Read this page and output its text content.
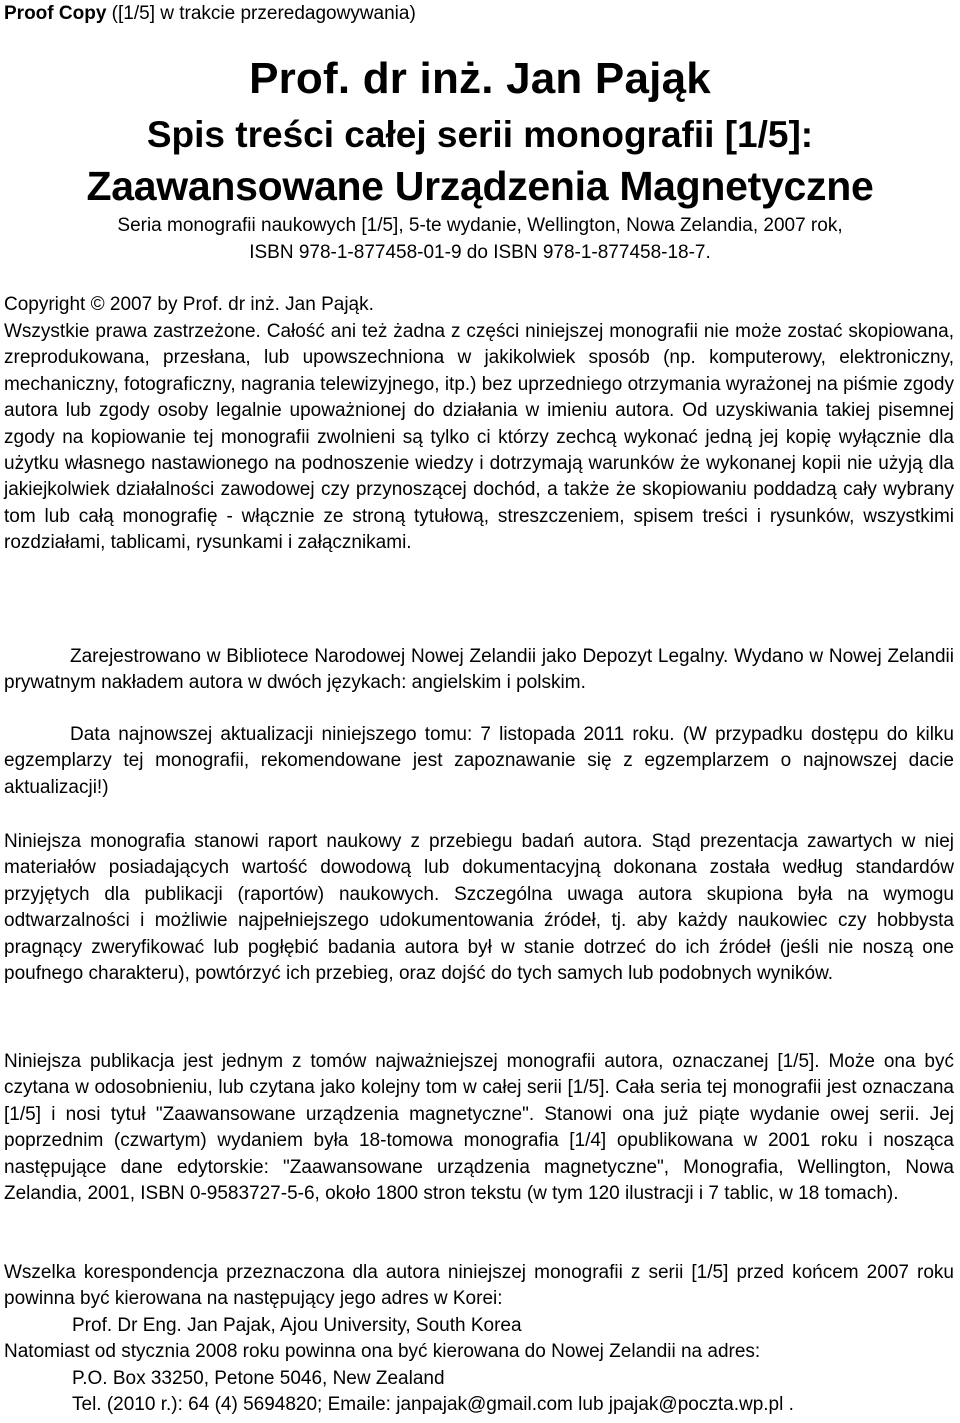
Proof Copy ([1/5] w trakcie przeredagowywania)
Prof. dr inż. Jan Pająk
Spis treści całej serii monografii [1/5]:
Zaawansowane Urządzenia Magnetyczne
Seria monografii naukowych [1/5], 5-te wydanie, Wellington, Nowa Zelandia, 2007 rok,
ISBN 978-1-877458-01-9 do ISBN 978-1-877458-18-7.
Copyright © 2007 by Prof. dr inż. Jan Pająk.

Wszystkie prawa zastrzeżone. Całość ani też żadna z części niniejszej monografii nie może zostać skopiowana, zreprodukowana, przesłana, lub upowszechniona w jakikolwiek sposób (np. komputerowy, elektroniczny, mechaniczny, fotograficzny, nagrania telewizyjnego, itp.) bez uprzedniego otrzymania wyrażonej na piśmie zgody autora lub zgody osoby legalnie upoważnionej do działania w imieniu autora. Od uzyskiwania takiej pisemnej zgody na kopiowanie tej monografii zwolnieni są tylko ci którzy zechcą wykonać jedną jej kopię wyłącznie dla użytku własnego nastawionego na podnoszenie wiedzy i dotrzymają warunków że wykonanej kopii nie użyją dla jakiejkolwiek działalności zawodowej czy przynoszącej dochód, a także że skopiowaniu poddadzą cały wybrany tom lub całą monografię - włącznie ze stroną tytułową, streszczeniem, spisem treści i rysunków, wszystkimi rozdziałami, tablicami, rysunkami i załącznikami.

Zarejestrowano w Bibliotece Narodowej Nowej Zelandii jako Depozyt Legalny. Wydano w Nowej Zelandii prywatnym nakładem autora w dwóch językach: angielskim i polskim.

Data najnowszej aktualizacji niniejszego tomu: 7 listopada 2011 roku. (W przypadku dostępu do kilku egzemplarzy tej monografii, rekomendowane jest zapoznawanie się z egzemplarzem o najnowszej dacie aktualizacji!)

Niniejsza monografia stanowi raport naukowy z przebiegu badań autora. Stąd prezentacja zawartych w niej materiałów posiadających wartość dowodową lub dokumentacyjną dokonana została według standardów przyjętych dla publikacji (raportów) naukowych. Szczególna uwaga autora skupiona była na wymogu odtwarzalności i możliwie najpełniejszego udokumentowania źródeł, tj. aby każdy naukowiec czy hobbysta pragnący zweryfikować lub pogłębić badania autora był w stanie dotrzeć do ich źródeł (jeśli nie noszą one poufnego charakteru), powtórzyć ich przebieg, oraz dojść do tych samych lub podobnych wyników.

Niniejsza publikacja jest jednym z tomów najważniejszej monografii autora, oznaczanej [1/5]. Może ona być czytana w odosobnieniu, lub czytana jako kolejny tom w całej serii [1/5]. Cała seria tej monografii jest oznaczana [1/5] i nosi tytuł "Zaawansowane urządzenia magnetyczne". Stanowi ona już piąte wydanie owej serii. Jej poprzednim (czwartym) wydaniem była 18-tomowa monografia [1/4] opublikowana w 2001 roku i nosząca następujące dane edytorskie: "Zaawansowane urządzenia magnetyczne", Monografia, Wellington, Nowa Zelandia, 2001, ISBN 0-9583727-5-6, około 1800 stron tekstu (w tym 120 ilustracji i 7 tablic, w 18 tomach).

Wszelka korespondencja przeznaczona dla autora niniejszej monografii z serii [1/5] przed końcem 2007 roku powinna być kierowana na następujący jego adres w Korei:

Prof. Dr Eng. Jan Pajak, Ajou University, South Korea
Natomiast od stycznia 2008 roku powinna ona być kierowana do Nowej Zelandii na adres:
P.O. Box 33250, Petone 5046, New Zealand
Tel. (2010 r.): 64 (4) 5694820; Emaile: janpajak@gmail.com lub jpajak@poczta.wp.pl .
